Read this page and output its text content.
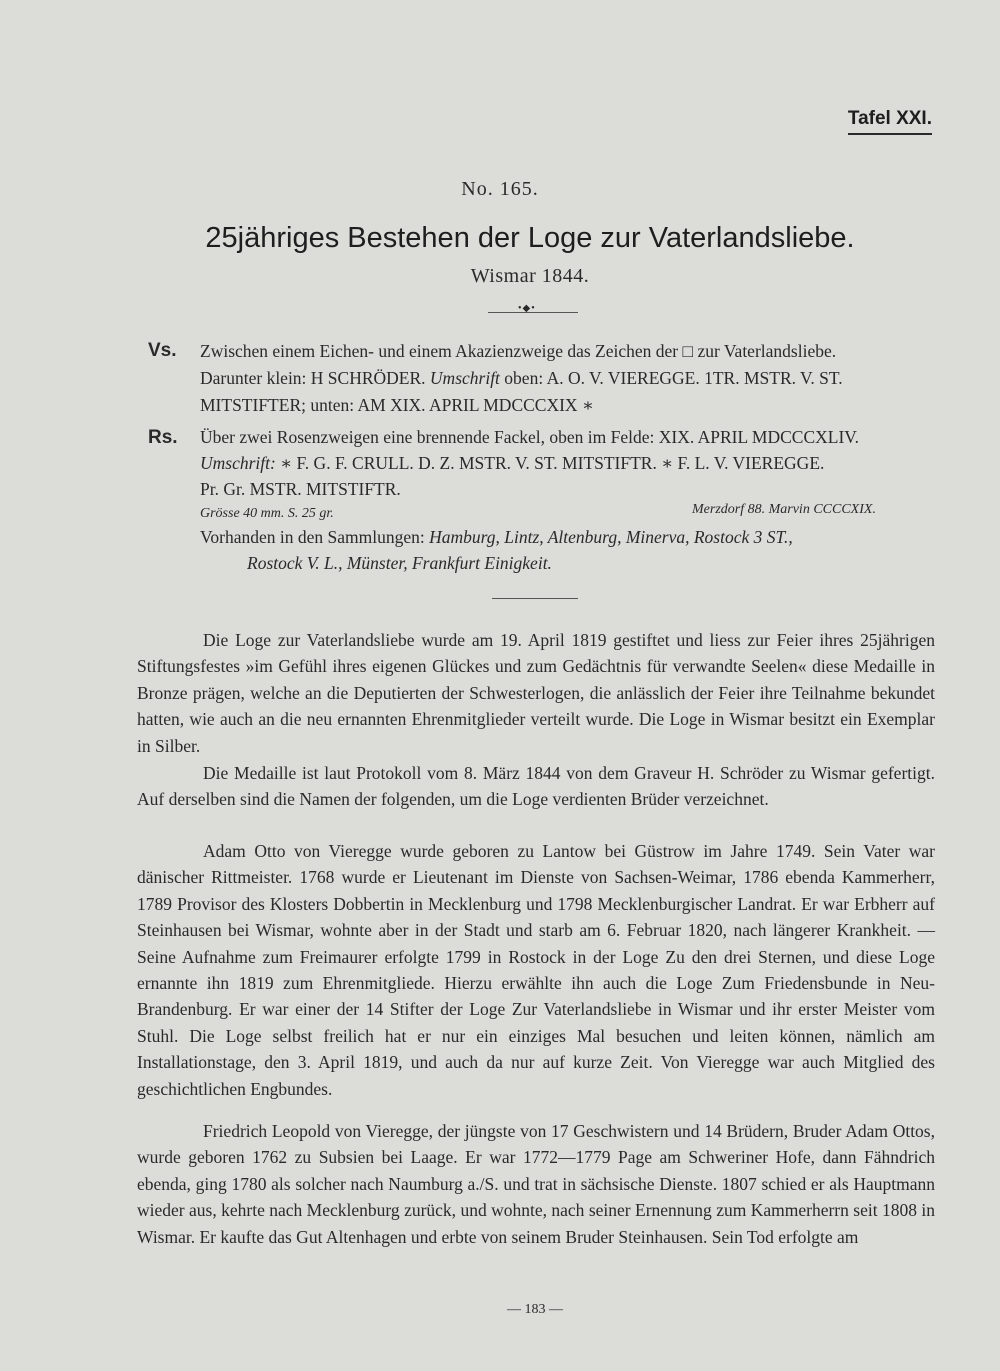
Tafel XXI.
No. 165.
25jähriges Bestehen der Loge zur Vaterlandsliebe.
Wismar 1844.
•◆•
Vs. Zwischen einem Eichen- und einem Akazienzweige das Zeichen der □ zur Vaterlandsliebe.
Darunter klein: H SCHRÖDER. Umschrift oben: A. O. V. VIEREGGE. 1TR. MSTR. V. ST.
MITSTIFTER; unten: AM XIX. APRIL MDCCCXIX ∗
Rs. Über zwei Rosenzweigen eine brennende Fackel, oben im Felde: XIX. APRIL MDCCCXLIV.
Umschrift: ∗ F. G. F. CRULL. D. Z. MSTR. V. ST. MITSTIFTR. ∗ F. L. V. VIEREGGE.
Pr. Gr. MSTR. MITSTIFTR.
Grösse 40 mm. S. 25 gr.	Merzdorf 88. Marvin CCCCXIX.
Vorhanden in den Sammlungen: Hamburg, Lintz, Altenburg, Minerva, Rostock 3 ST.,
Rostock V. L., Münster, Frankfurt Einigkeit.

Die Loge zur Vaterlandsliebe wurde am 19. April 1819 gestiftet und liess zur Feier ihres 25jährigen Stiftungsfestes »im Gefühl ihres eigenen Glückes und zum Gedächtnis für verwandte Seelen« diese Medaille in Bronze prägen, welche an die Deputierten der Schwesterlogen, die anlässlich der Feier ihre Teilnahme bekundet hatten, wie auch an die neu ernannten Ehrenmitglieder verteilt wurde. Die Loge in Wismar besitzt ein Exemplar in Silber.

Die Medaille ist laut Protokoll vom 8. März 1844 von dem Graveur H. Schröder zu Wismar gefertigt. Auf derselben sind die Namen der folgenden, um die Loge verdienten Brüder verzeichnet.

Adam Otto von Vieregge wurde geboren zu Lantow bei Güstrow im Jahre 1749. Sein Vater war dänischer Rittmeister. 1768 wurde er Lieutenant im Dienste von Sachsen-Weimar, 1786 ebenda Kammerherr, 1789 Provisor des Klosters Dobbertin in Mecklenburg und 1798 Mecklenburgischer Landrat. Er war Erbherr auf Steinhausen bei Wismar, wohnte aber in der Stadt und starb am 6. Februar 1820, nach längerer Krankheit. — Seine Aufnahme zum Freimaurer erfolgte 1799 in Rostock in der Loge Zu den drei Sternen, und diese Loge ernannte ihn 1819 zum Ehrenmitgliede. Hierzu erwählte ihn auch die Loge Zum Friedensbunde in Neu-Brandenburg. Er war einer der 14 Stifter der Loge Zur Vaterlandsliebe in Wismar und ihr erster Meister vom Stuhl. Die Loge selbst freilich hat er nur ein einziges Mal besuchen und leiten können, nämlich am Installationstage, den 3. April 1819, und auch da nur auf kurze Zeit. Von Vieregge war auch Mitglied des geschichtlichen Engbundes.

Friedrich Leopold von Vieregge, der jüngste von 17 Geschwistern und 14 Brüdern, Bruder Adam Ottos, wurde geboren 1762 zu Subsien bei Laage. Er war 1772—1779 Page am Schweriner Hofe, dann Fähndrich ebenda, ging 1780 als solcher nach Naumburg a./S. und trat in sächsische Dienste. 1807 schied er als Hauptmann wieder aus, kehrte nach Mecklenburg zurück, und wohnte, nach seiner Ernennung zum Kammerherrn seit 1808 in Wismar. Er kaufte das Gut Altenhagen und erbte von seinem Bruder Steinhausen. Sein Tod erfolgte am

— 183 —
